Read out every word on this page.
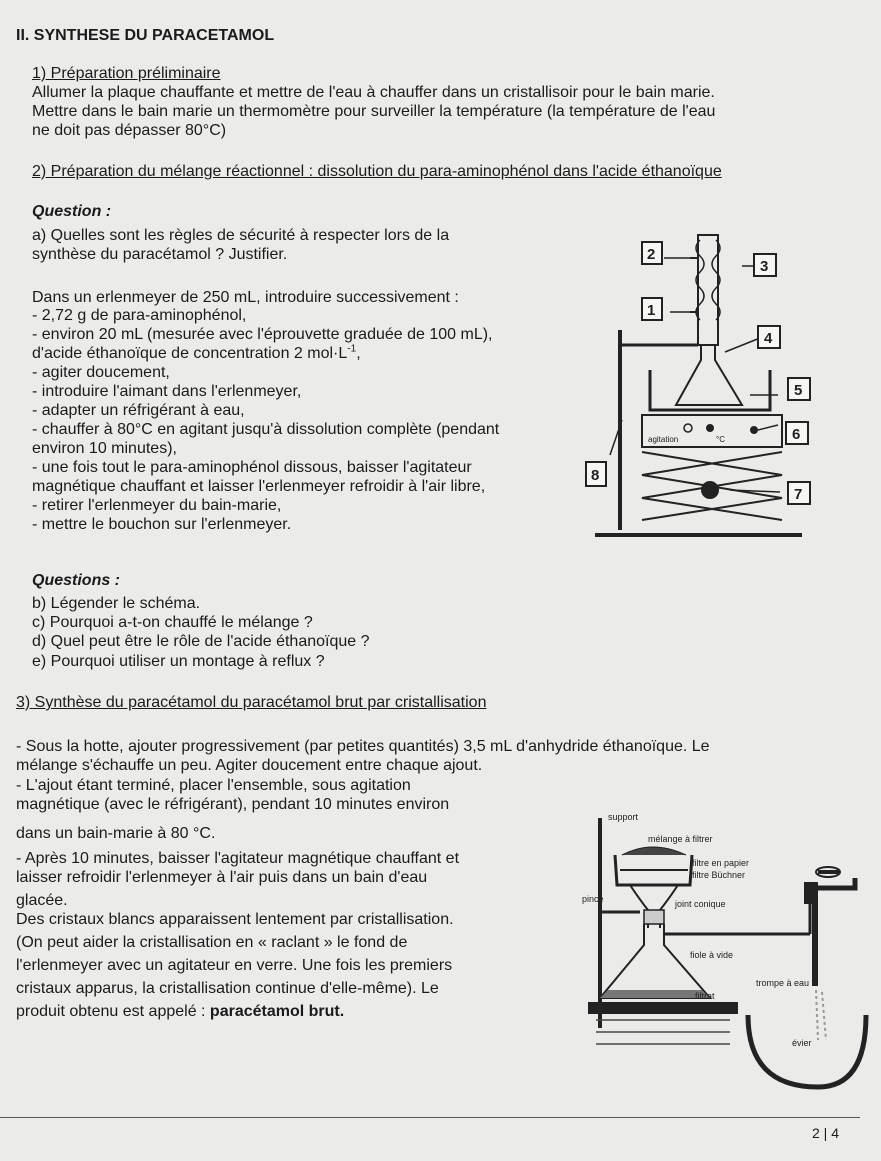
II. SYNTHESE DU PARACETAMOL
1) Préparation préliminaire
Allumer la plaque chauffante et mettre de l'eau à chauffer dans un cristallisoir pour le bain marie.
Mettre dans le bain marie un thermomètre pour surveiller la température (la température de l'eau
ne doit pas dépasser 80°C)
2) Préparation du mélange réactionnel : dissolution du para-aminophénol dans l'acide éthanoïque
Question :
a) Quelles sont les règles de sécurité à respecter lors de la
synthèse du paracétamol ? Justifier.
Dans un erlenmeyer de 250 mL, introduire successivement :
- 2,72 g de para-aminophénol,
- environ 20 mL (mesurée avec l'éprouvette graduée de 100 mL),
d'acide éthanoïque de concentration 2 $mol\cdot L^{-1}$,
- agiter doucement,
- introduire l'aimant dans l'erlenmeyer,
- adapter un réfrigérant à eau,
- chauffer à 80°C en agitant jusqu'à dissolution complète (pendant
environ 10 minutes),
- une fois tout le para-aminophénol dissous, baisser l'agitateur
magnétique chauffant et laisser l'erlenmeyer refroidir à l'air libre,
- retirer l'erlenmeyer du bain-marie,
- mettre le bouchon sur l'erlenmeyer.
Questions :
b) Légender le schéma.
c) Pourquoi a-t-on chauffé le mélange ?
d) Quel peut être le rôle de l'acide éthanoïque ?
e) Pourquoi utiliser un montage à reflux ?
agitation	°C
2
3
1
4
5
6
8
7
3) Synthèse du paracétamol du paracétamol brut par cristallisation
- Sous la hotte, ajouter progressivement (par petites quantités) 3,5 mL d'anhydride éthanoïque. Le
mélange s'échauffe un peu. Agiter doucement entre chaque ajout.
- L'ajout étant terminé, placer l'ensemble, sous agitation
magnétique (avec le réfrigérant), pendant 10 minutes environ
dans un bain-marie à 80 °C.
- Après 10 minutes, baisser l'agitateur magnétique chauffant et
laisser refroidir l'erlenmeyer à l'air puis dans un bain d'eau
glacée.
Des cristaux blancs apparaissent lentement par cristallisation.
(On peut aider la cristallisation en « raclant » le fond de
l'erlenmeyer avec un agitateur en verre. Une fois les premiers
cristaux apparus, la cristallisation continue d'elle-même). Le
produit obtenu est appelé : paracétamol brut.
support
mélange à filtrer
filtre en papier
filtre Büchner
pince	joint conique
fiole à vide
trompe à eau
filtrat
évier
2 | 4
